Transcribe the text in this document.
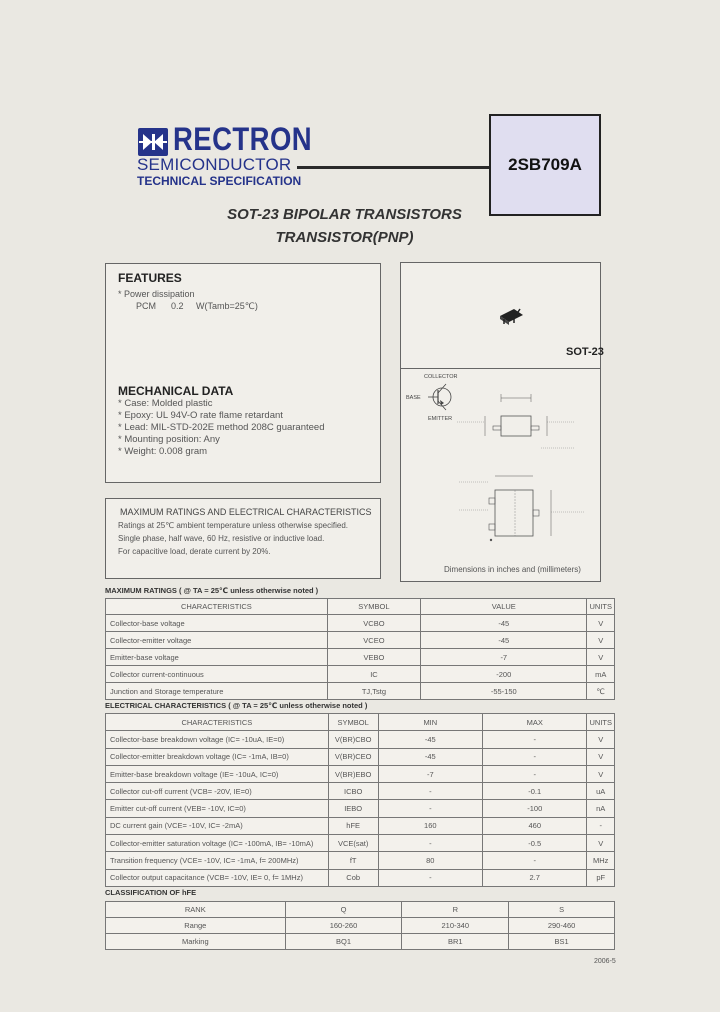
RECTRON
SEMICONDUCTOR
TECHNICAL SPECIFICATION
2SB709A
SOT-23 BIPOLAR TRANSISTORS
TRANSISTOR(PNP)
FEATURES
* Power dissipation
PCM      0.2     W(Tamb=25℃)
MECHANICAL DATA
* Case: Molded plastic
* Epoxy: UL 94V-O rate flame retardant
* Lead: MIL-STD-202E method 208C guaranteed
* Mounting position: Any
* Weight: 0.008 gram
MAXIMUM RATINGS AND ELECTRICAL CHARACTERISTICS
Ratings at 25℃ ambient temperature unless otherwise specified.
Single phase, half wave, 60 Hz, resistive or inductive load.
For capacitive load, derate current by 20%.
SOT-23
COLLECTOR
BASE
EMITTER
Dimensions in inches and (millimeters)
MAXIMUM RATINGS ( @ TA = 25℃ unless otherwise noted )
CHARACTERISTICS	SYMBOL	VALUE	UNITS
Collector-base voltage	VCBO	-45	V
Collector-emitter voltage	VCEO	-45	V
Emitter-base voltage	VEBO	-7	V
Collector current-continuous	IC	-200	mA
Junction and Storage temperature	TJ,Tstg	-55-150	℃
ELECTRICAL CHARACTERISTICS ( @ TA = 25℃ unless otherwise noted )
CHARACTERISTICS	SYMBOL	MIN	MAX	UNITS
Collector-base breakdown voltage (IC= -10uA, IE=0)	V(BR)CBO	-45	-	V
Collector-emitter breakdown voltage (IC= -1mA, IB=0)	V(BR)CEO	-45	-	V
Emitter-base breakdown voltage (IE= -10uA, IC=0)	V(BR)EBO	-7	-	V
Collector cut-off current (VCB= -20V, IE=0)	ICBO	-	-0.1	uA
Emitter cut-off current (VEB= -10V, IC=0)	IEBO	-	-100	nA
DC current gain (VCE= -10V, IC= -2mA)	hFE	160	460	-
Collector-emitter saturation voltage (IC= -100mA, IB= -10mA)	VCE(sat)	-	-0.5	V
Transition frequency (VCE= -10V, IC= -1mA, f= 200MHz)	fT	80	-	MHz
Collector output capacitance (VCB= -10V, IE= 0, f= 1MHz)	Cob	-	2.7	pF
CLASSIFICATION OF hFE
RANK	Q	R	S
Range	160-260	210-340	290-460
Marking	BQ1	BR1	BS1
2006-5
